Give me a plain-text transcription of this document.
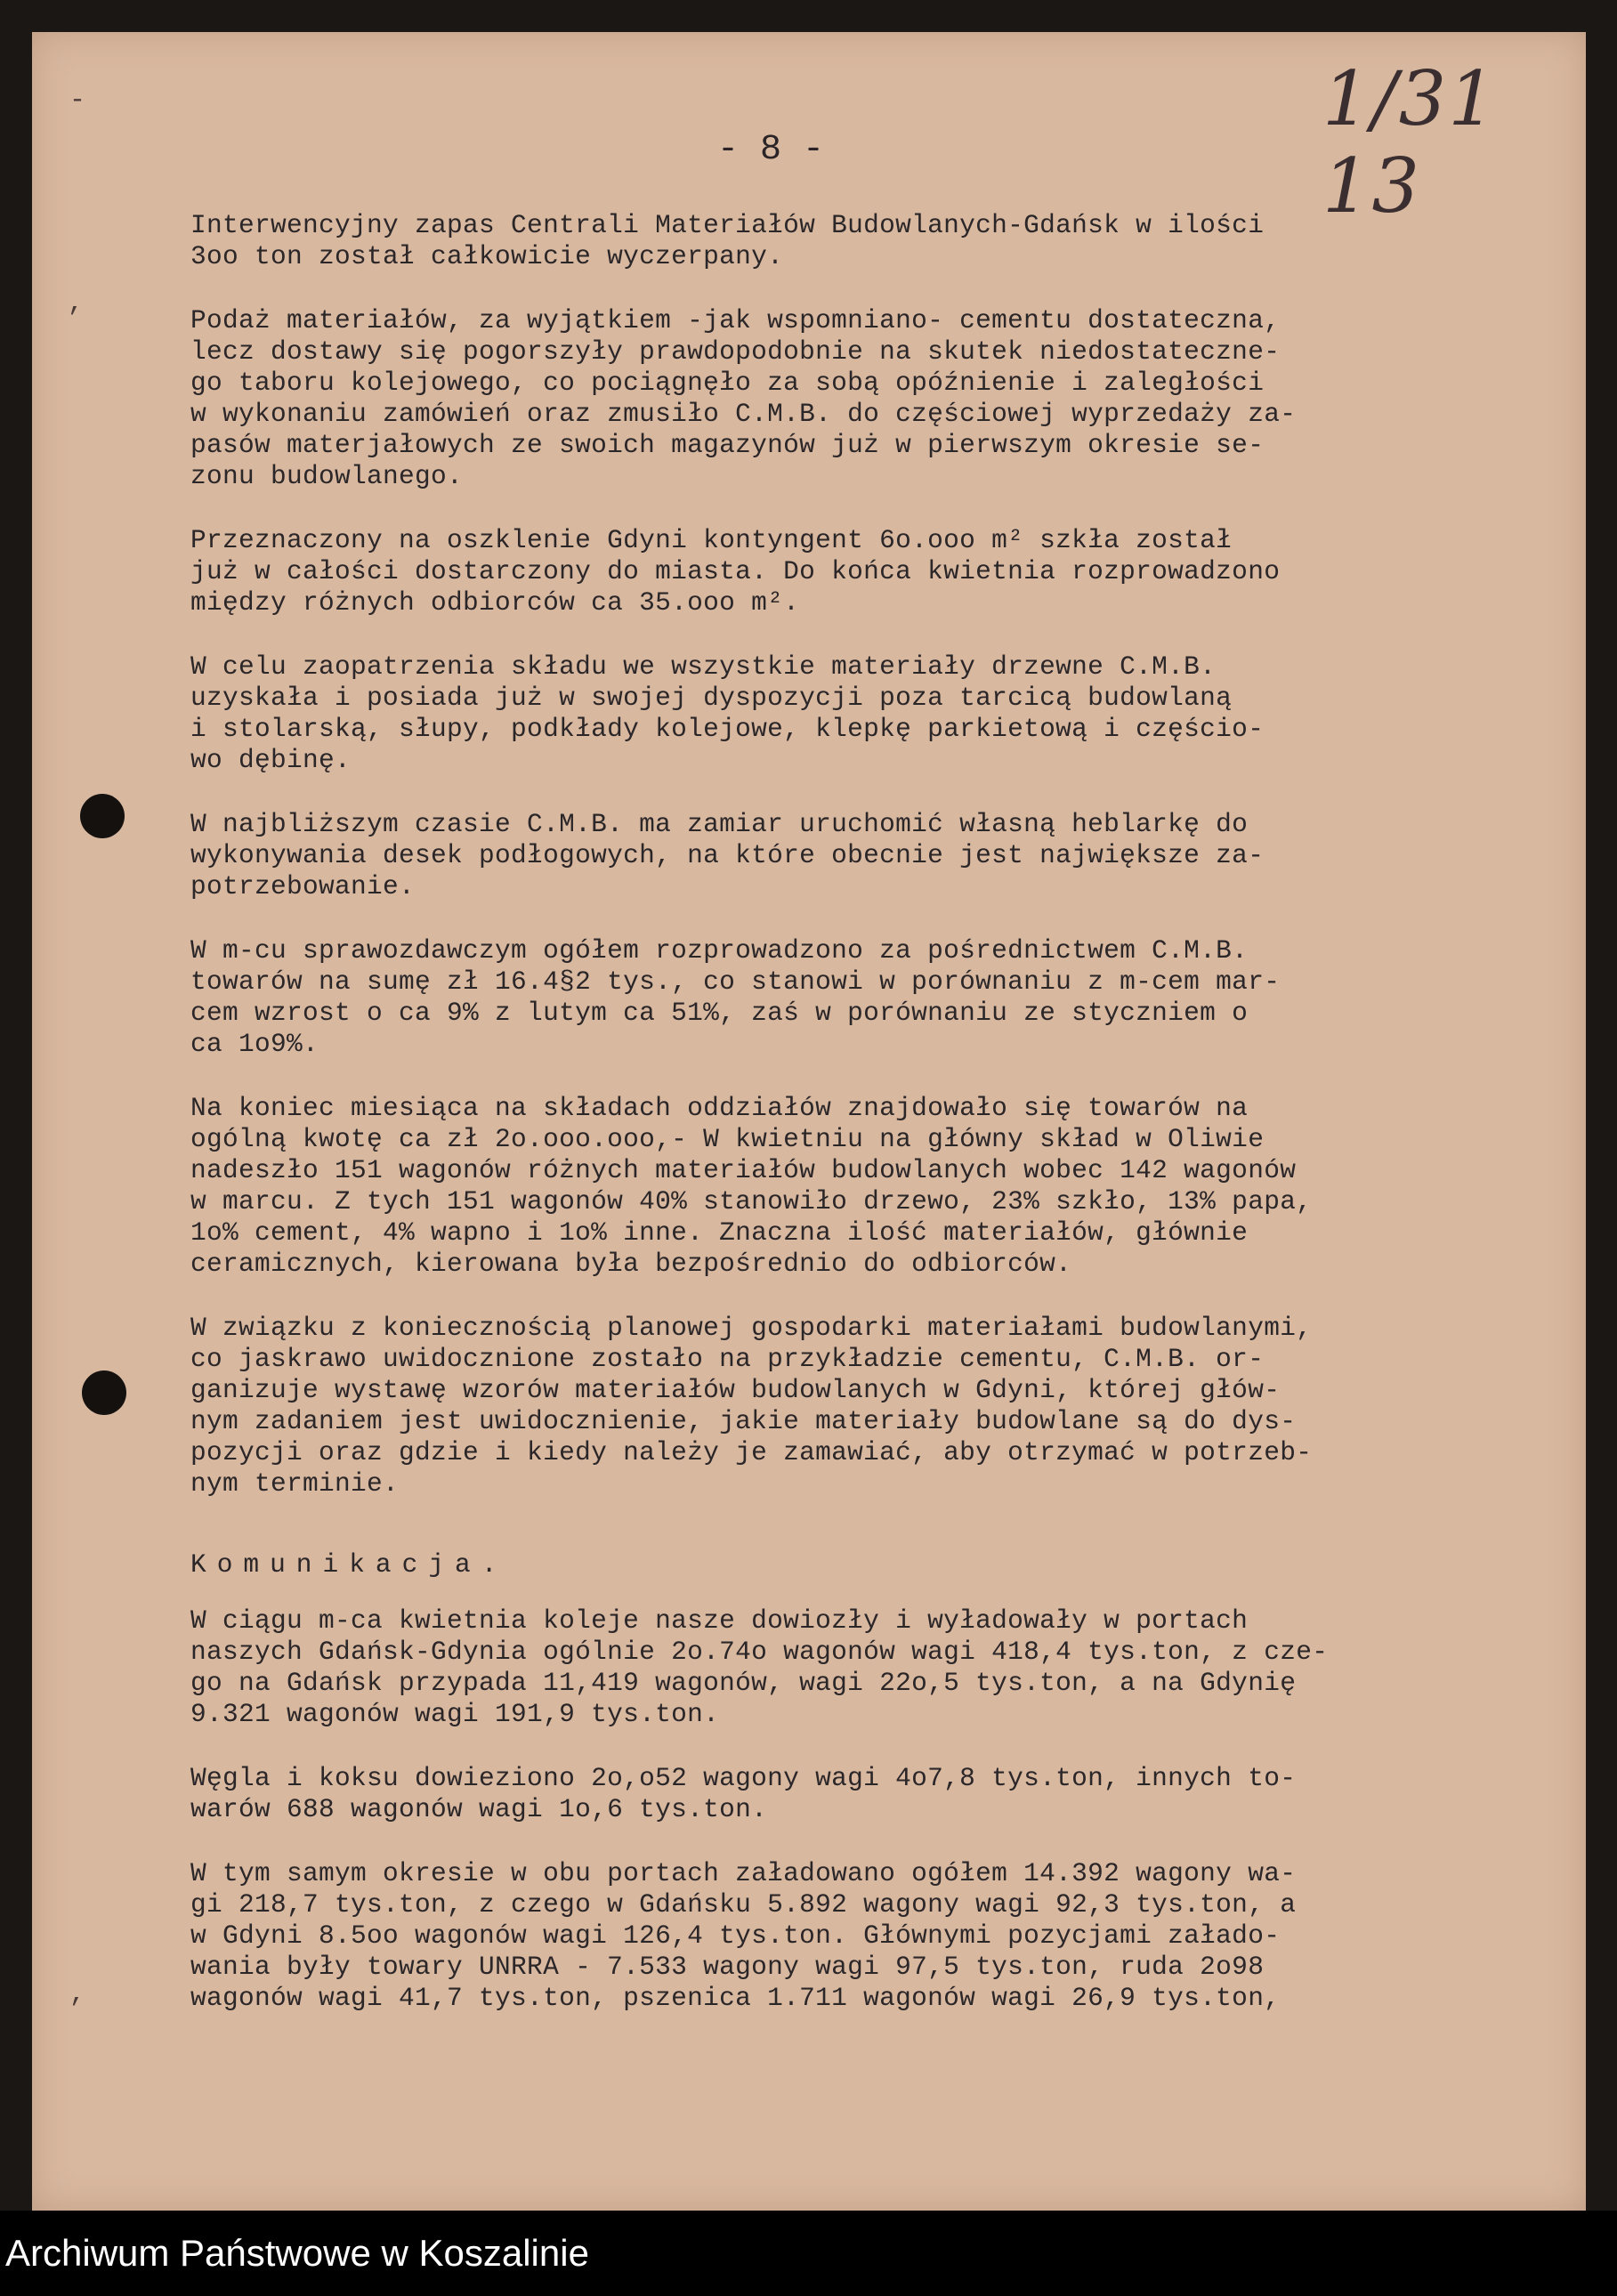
-
,
,
- 8 -
1/31 13

Interwencyjny zapas Centrali Materiałów Budowlanych-Gdańsk w ilości
3oo ton został całkowicie wyczerpany.

Podaż materiałów, za wyjątkiem -jak wspomniano- cementu dostateczna,
lecz dostawy się pogorszyły prawdopodobnie na skutek niedostateczne-
go taboru kolejowego, co pociągnęło za sobą opóźnienie i zaległości
w wykonaniu zamówień oraz zmusiło C.M.B. do częściowej wyprzedaży za-
pasów materjałowych ze swoich magazynów już w pierwszym okresie se-
zonu budowlanego.

Przeznaczony na oszklenie Gdyni kontyngent 6o.ooo m² szkła został
już w całości dostarczony do miasta. Do końca kwietnia rozprowadzono
między różnych odbiorców ca 35.ooo m².

W celu zaopatrzenia składu we wszystkie materiały drzewne C.M.B.
uzyskała i posiada już w swojej dyspozycji poza tarcicą budowlaną
i stolarską, słupy, podkłady kolejowe, klepkę parkietową i częścio-
wo dębinę.

W najbliższym czasie C.M.B. ma zamiar uruchomić własną heblarkę do
wykonywania desek podłogowych, na które obecnie jest największe za-
potrzebowanie.

W m-cu sprawozdawczym ogółem rozprowadzono za pośrednictwem C.M.B.
towarów na sumę zł 16.4§2 tys., co stanowi w porównaniu z m-cem mar-
cem wzrost o ca 9% z lutym ca 51%, zaś w porównaniu ze styczniem o
ca 1o9%.

Na koniec miesiąca na składach oddziałów znajdowało się towarów na
ogólną kwotę ca zł 2o.ooo.ooo,- W kwietniu na główny skład w Oliwie
nadeszło 151 wagonów różnych materiałów budowlanych wobec 142 wagonów
w marcu. Z tych 151 wagonów 40% stanowiło drzewo, 23% szkło, 13% papa,
1o% cement, 4% wapno i 1o% inne. Znaczna ilość materiałów, głównie
ceramicznych, kierowana była bezpośrednio do odbiorców.

W związku z koniecznością planowej gospodarki materiałami budowlanymi,
co jaskrawo uwidocznione zostało na przykładzie cementu, C.M.B. or-
ganizuje wystawę wzorów materiałów budowlanych w Gdyni, której głów-
nym zadaniem jest uwidocznienie, jakie materiały budowlane są do dys-
pozycji oraz gdzie i kiedy należy je zamawiać, aby otrzymać w potrzeb-
nym terminie.

Komunikacja.

W ciągu m-ca kwietnia koleje nasze dowiozły i wyładowały w portach
naszych Gdańsk-Gdynia ogólnie 2o.74o wagonów wagi 418,4 tys.ton, z cze-
go na Gdańsk przypada 11,419 wagonów, wagi 22o,5 tys.ton, a na Gdynię
9.321 wagonów wagi 191,9 tys.ton.

Węgla i koksu dowieziono 2o,o52 wagony wagi 4o7,8 tys.ton, innych to-
warów 688 wagonów wagi 1o,6 tys.ton.

W tym samym okresie w obu portach załadowano ogółem 14.392 wagony wa-
gi 218,7 tys.ton, z czego w Gdańsku 5.892 wagony wagi 92,3 tys.ton, a
w Gdyni 8.5oo wagonów wagi 126,4 tys.ton. Głównymi pozycjami załado-
wania były towary UNRRA - 7.533 wagony wagi 97,5 tys.ton, ruda 2o98
wagonów wagi 41,7 tys.ton, pszenica 1.711 wagonów wagi 26,9 tys.ton,

Archiwum Państwowe w Koszalinie
